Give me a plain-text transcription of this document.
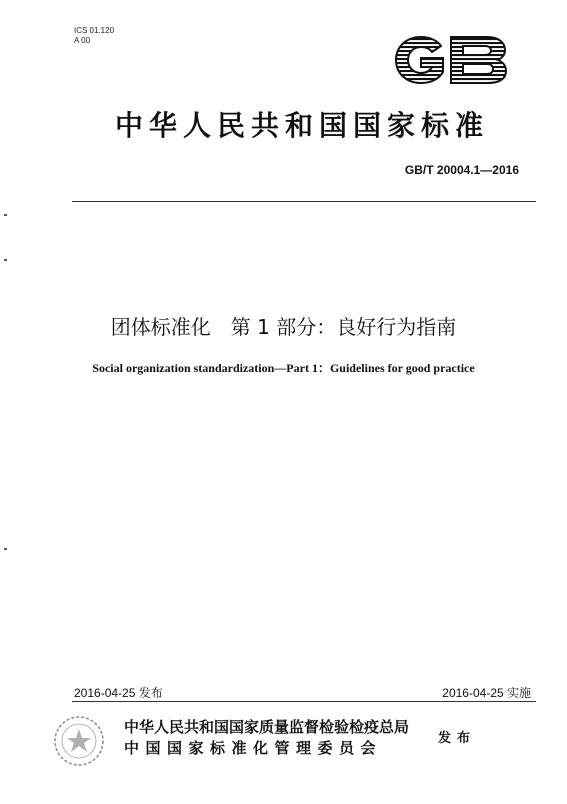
ICS 01.120
A 00
中华人民共和国国家标准
GB/T 20004.1—2016
团体标准化　第 1 部分：良好行为指南
Social organization standardization—Part 1：Guidelines for good practice
2016-04-25 发布	2016-04-25 实施
中华人民共和国国家质量监督检验检疫总局
中国国家标准化管理委员会
发布
